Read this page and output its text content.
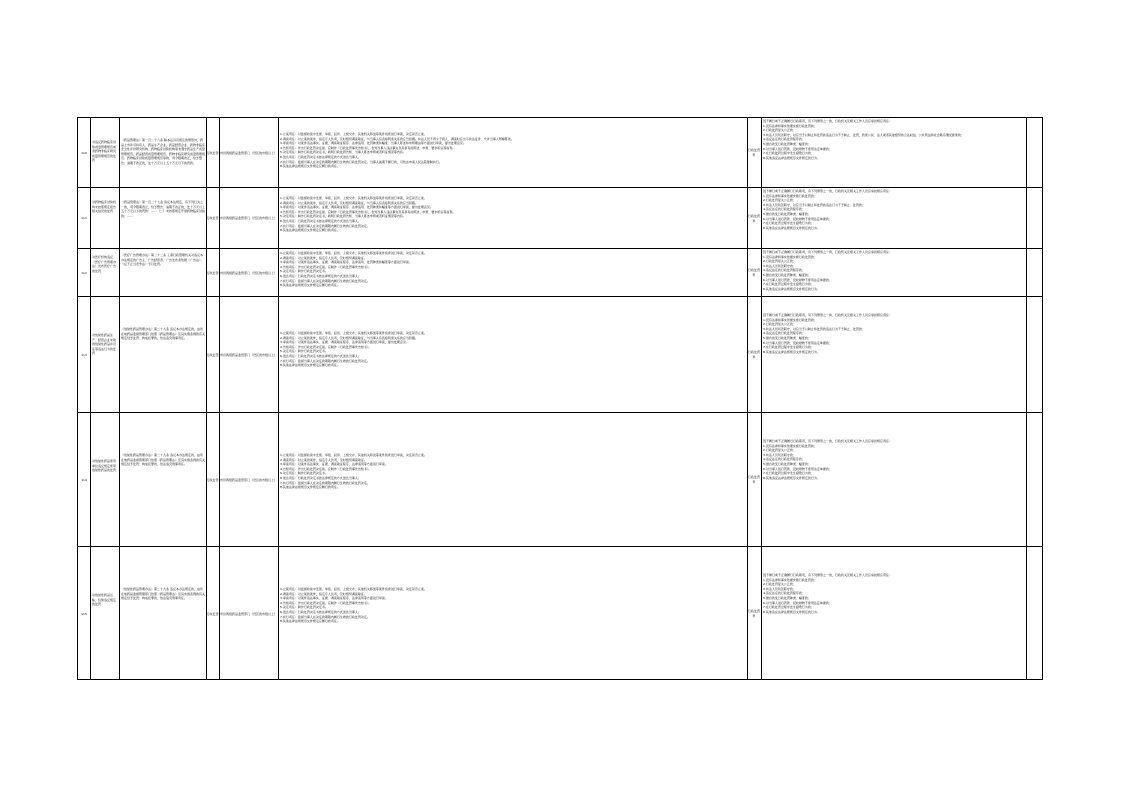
110
对违反药物临床试验质量管理规范或者药物非临床研究质量管理规范的处罚
《药品管理法》第一百二十六条 除本法另有规定的情形外，药品上市许可持有人、药品生产企业、药品经营企业、药物非临床安全性评价研究机构、药物临床试验机构等未遵守药品生产质量管理规范、药品经营质量管理规范、药物非临床研究质量管理规范、药物临床试验质量管理规范等的，责令限期改正，给予警告；逾期不改正的，处十万元以上五十万元以下的罚款。
行政处罚 市县两级药品监管部门（设区的市级以上）
1.立案责任：对监督检查中发现、举报、投诉、上级交办、其他机关移送等案件线索进行审查，决定是否立案。
2.调查责任：对立案的案件，指定专人负责，及时组织调查取证，与当事人有直接利害关系的应当回避。执法人员不得少于两人，调查时应出示执法证件，允许当事人辩解陈述。
3.审查责任：对案件违法事实、证据、调查取证程序、法律适用、处罚种类和幅度、当事人陈述和申辩理由等方面进行审查，提出处理意见。
4.告知责任：作出行政处罚决定前，应制作《行政处罚事先告知书》，告知当事人违法事实及其享有的陈述、申辩、要求听证等权利。
5.决定责任：制作行政处罚决定书，载明行政处罚告知、当事人陈述申辩或者听证情况等内容。
6.送达责任：行政处罚决定书按法律规定的方式送达当事人。
7.执行责任：监督当事人在决定的期限内履行生效的行政处罚决定。当事人逾期不履行的，可依法申请人民法院强制执行。
8.其他法律法规规章文件规定应履行的责任。
行政处罚科
因不履行或不正确履行行政职责，有下列情形之一的，行政机关及相关工作人员应承担相应责任：
1.没有法律和事实依据实施行政处罚的；
2.行政处罚显失公正的；
3.执法人员玩忽职守，对应当予以制止和处罚的违法行为不予制止、处罚，致使公民、法人或者其他组织的合法权益、公共利益和社会秩序遭受损害的；
4.违反法定的行政处罚程序的；
5.擅自改变行政处罚种类、幅度的；
6.对当事人进行罚款、没收财物不使用法定单据的；
7.在行政处罚过程中发生腐败行为的；
8.其他违反法律法规规章文件规定的行为。
111
对药物临床试验机构未按照规定报告相关信息的处罚
《药品管理法》第一百二十七条 违反本法规定，有下列行为之一的，责令限期改正，给予警告；逾期不改正的，处十万元以上五十万元以下的罚款：……（二）未按照规定开展药物临床试验的；……
行政处罚 市县两级药品监管部门（设区的市级以上）
1.立案责任：对监督检查中发现、举报、投诉、上级交办、其他机关移送等案件线索进行审查，决定是否立案。
2.调查责任：对立案的案件，指定专人负责，及时组织调查取证，与当事人有直接利害关系的应当回避。
3.审查责任：对案件违法事实、证据、调查取证程序、法律适用、处罚种类和幅度等方面进行审查，提出处理意见。
4.告知责任：作出行政处罚决定前，应制作《行政处罚事先告知书》，告知当事人违法事实及其享有的陈述、申辩、要求听证等权利。
5.决定责任：制作行政处罚决定书，载明行政处罚告知、当事人陈述申辩或者听证情况等内容。
6.送达责任：行政处罚决定书按法律规定的方式送达当事人。
7.执行责任：监督当事人在决定的期限内履行生效的行政处罚决定。
8.其他法律法规规章文件规定应履行的责任。
行政处罚科
因不履行或不正确履行行政职责，有下列情形之一的，行政机关及相关工作人员应承担相应责任：
1.没有法律和事实依据实施行政处罚的；
2.行政处罚显失公正的；
3.执法人员玩忽职守，对应当予以制止和处罚的违法行为不予制止、处罚的；
4.违反法定的行政处罚程序的；
5.擅自改变行政处罚种类、幅度的；
6.对当事人进行罚款、没收财物不使用法定单据的；
7.在行政处罚过程中发生腐败行为的；
8.其他违反法律法规规章文件规定的行为。
112
对医疗机构违反《医疗广告管理办法》发布医疗广告的处罚
《医疗广告管理办法》第二十二条 工商行政管理机关对违反本办法规定的广告主、广告经营者、广告发布者依据《广告法》、《反不正当竞争法》予以处罚。
行政处罚 市县两级药品监管部门（设区的市级以上）
1.立案责任：对监督检查中发现、举报、投诉、上级交办、其他机关移送等案件线索进行审查，决定是否立案。
2.调查责任：对立案的案件，指定专人负责，及时组织调查取证。
3.审查责任：对案件违法事实、证据、调查取证程序、法律适用、处罚种类和幅度等方面进行审查。
4.告知责任：作出行政处罚决定前，应制作《行政处罚事先告知书》。
5.决定责任：制作行政处罚决定书。
6.送达责任：行政处罚决定书按法律规定的方式送达当事人。
7.执行责任：监督当事人在决定的期限内履行生效的行政处罚决定。
8.其他法律法规规章文件规定应履行的责任。
行政处罚科
因不履行或不正确履行行政职责，有下列情形之一的，行政机关及相关工作人员应承担相应责任：
1.没有法律和事实依据实施行政处罚的；
2.行政处罚显失公正的；
3.执法人员玩忽职守的；
4.违反法定的行政处罚程序的；
5.擅自改变行政处罚种类、幅度的；
6.对当事人进行罚款、没收财物不使用法定单据的；
7.在行政处罚过程中发生腐败行为的；
8.其他违反法律法规规章文件规定的行为。
113
对放射性药品生产、经营企业未取得放射性药品许可证等违法行为的处罚
《放射性药品管理办法》第二十九条 违反本办法规定的，由所在地药品监督管理部门依照《药品管理法》及其实施条例的有关规定给予处罚；构成犯罪的，依法追究刑事责任。
行政处罚 市县两级药品监管部门（设区的市级以上）
1.立案责任：对监督检查中发现、举报、投诉、上级交办、其他机关移送等案件线索进行审查，决定是否立案。
2.调查责任：对立案的案件，指定专人负责，及时组织调查取证，与当事人有直接利害关系的应当回避。
3.审查责任：对案件违法事实、证据、调查取证程序、法律适用等方面进行审查，提出处理意见。
4.告知责任：作出行政处罚决定前，应制作《行政处罚事先告知书》。
5.决定责任：制作行政处罚决定书。
6.送达责任：行政处罚决定书按法律规定的方式送达当事人。
7.执行责任：监督当事人在决定的期限内履行生效的行政处罚决定。
8.其他法律法规规章文件规定应履行的责任。
行政处罚科
因不履行或不正确履行行政职责，有下列情形之一的，行政机关及相关工作人员应承担相应责任：
1.没有法律和事实依据实施行政处罚的；
2.行政处罚显失公正的；
3.执法人员玩忽职守，对应当予以制止和处罚的违法行为不予制止、处罚的；
4.违反法定的行政处罚程序的；
5.擅自改变行政处罚种类、幅度的；
6.对当事人进行罚款、没收财物不使用法定单据的；
7.在行政处罚过程中发生腐败行为的；
8.其他违反法律法规规章文件规定的行为。
114
对放射性药品使用单位违反规定使用放射性药品的处罚
《放射性药品管理办法》第二十九条 违反本办法规定的，由所在地药品监督管理部门依照《药品管理法》及其实施条例的有关规定给予处罚；构成犯罪的，依法追究刑事责任。
行政处罚 市县两级药品监管部门（设区的市级以上）
1.立案责任：对监督检查中发现、举报、投诉、上级交办、其他机关移送等案件线索进行审查，决定是否立案。
2.调查责任：对立案的案件，指定专人负责，及时组织调查取证。
3.审查责任：对案件违法事实、证据、调查取证程序、法律适用等方面进行审查。
4.告知责任：作出行政处罚决定前，应制作《行政处罚事先告知书》。
5.决定责任：制作行政处罚决定书。
6.送达责任：行政处罚决定书按法律规定的方式送达当事人。
7.执行责任：监督当事人在决定的期限内履行生效的行政处罚决定。
8.其他法律法规规章文件规定应履行的责任。
行政处罚科
因不履行或不正确履行行政职责，有下列情形之一的，行政机关及相关工作人员应承担相应责任：
1.没有法律和事实依据实施行政处罚的；
2.行政处罚显失公正的；
3.执法人员玩忽职守的；
4.违反法定的行政处罚程序的；
5.擅自改变行政处罚种类、幅度的；
6.对当事人进行罚款、没收财物不使用法定单据的；
7.在行政处罚过程中发生腐败行为的；
8.其他违反法律法规规章文件规定的行为。
115
对放射性药品运输、包装违反规定的处罚
《放射性药品管理办法》第二十九条 违反本办法规定的，由所在地药品监督管理部门依照《药品管理法》及其实施条例的有关规定给予处罚；构成犯罪的，依法追究刑事责任。
行政处罚 市县两级药品监管部门（设区的市级以上）
1.立案责任：对监督检查中发现、举报、投诉、上级交办、其他机关移送等案件线索进行审查，决定是否立案。
2.调查责任：对立案的案件，指定专人负责，及时组织调查取证。
3.审查责任：对案件违法事实、证据、调查取证程序、法律适用等方面进行审查。
4.告知责任：作出行政处罚决定前，应制作《行政处罚事先告知书》。
5.决定责任：制作行政处罚决定书。
6.送达责任：行政处罚决定书按法律规定的方式送达当事人。
7.执行责任：监督当事人在决定的期限内履行生效的行政处罚决定。
8.其他法律法规规章文件规定应履行的责任。
行政处罚科
因不履行或不正确履行行政职责，有下列情形之一的，行政机关及相关工作人员应承担相应责任：
1.没有法律和事实依据实施行政处罚的；
2.行政处罚显失公正的；
3.执法人员玩忽职守的；
4.违反法定的行政处罚程序的；
5.擅自改变行政处罚种类、幅度的；
6.对当事人进行罚款、没收财物不使用法定单据的；
7.在行政处罚过程中发生腐败行为的；
8.其他违反法律法规规章文件规定的行为。
